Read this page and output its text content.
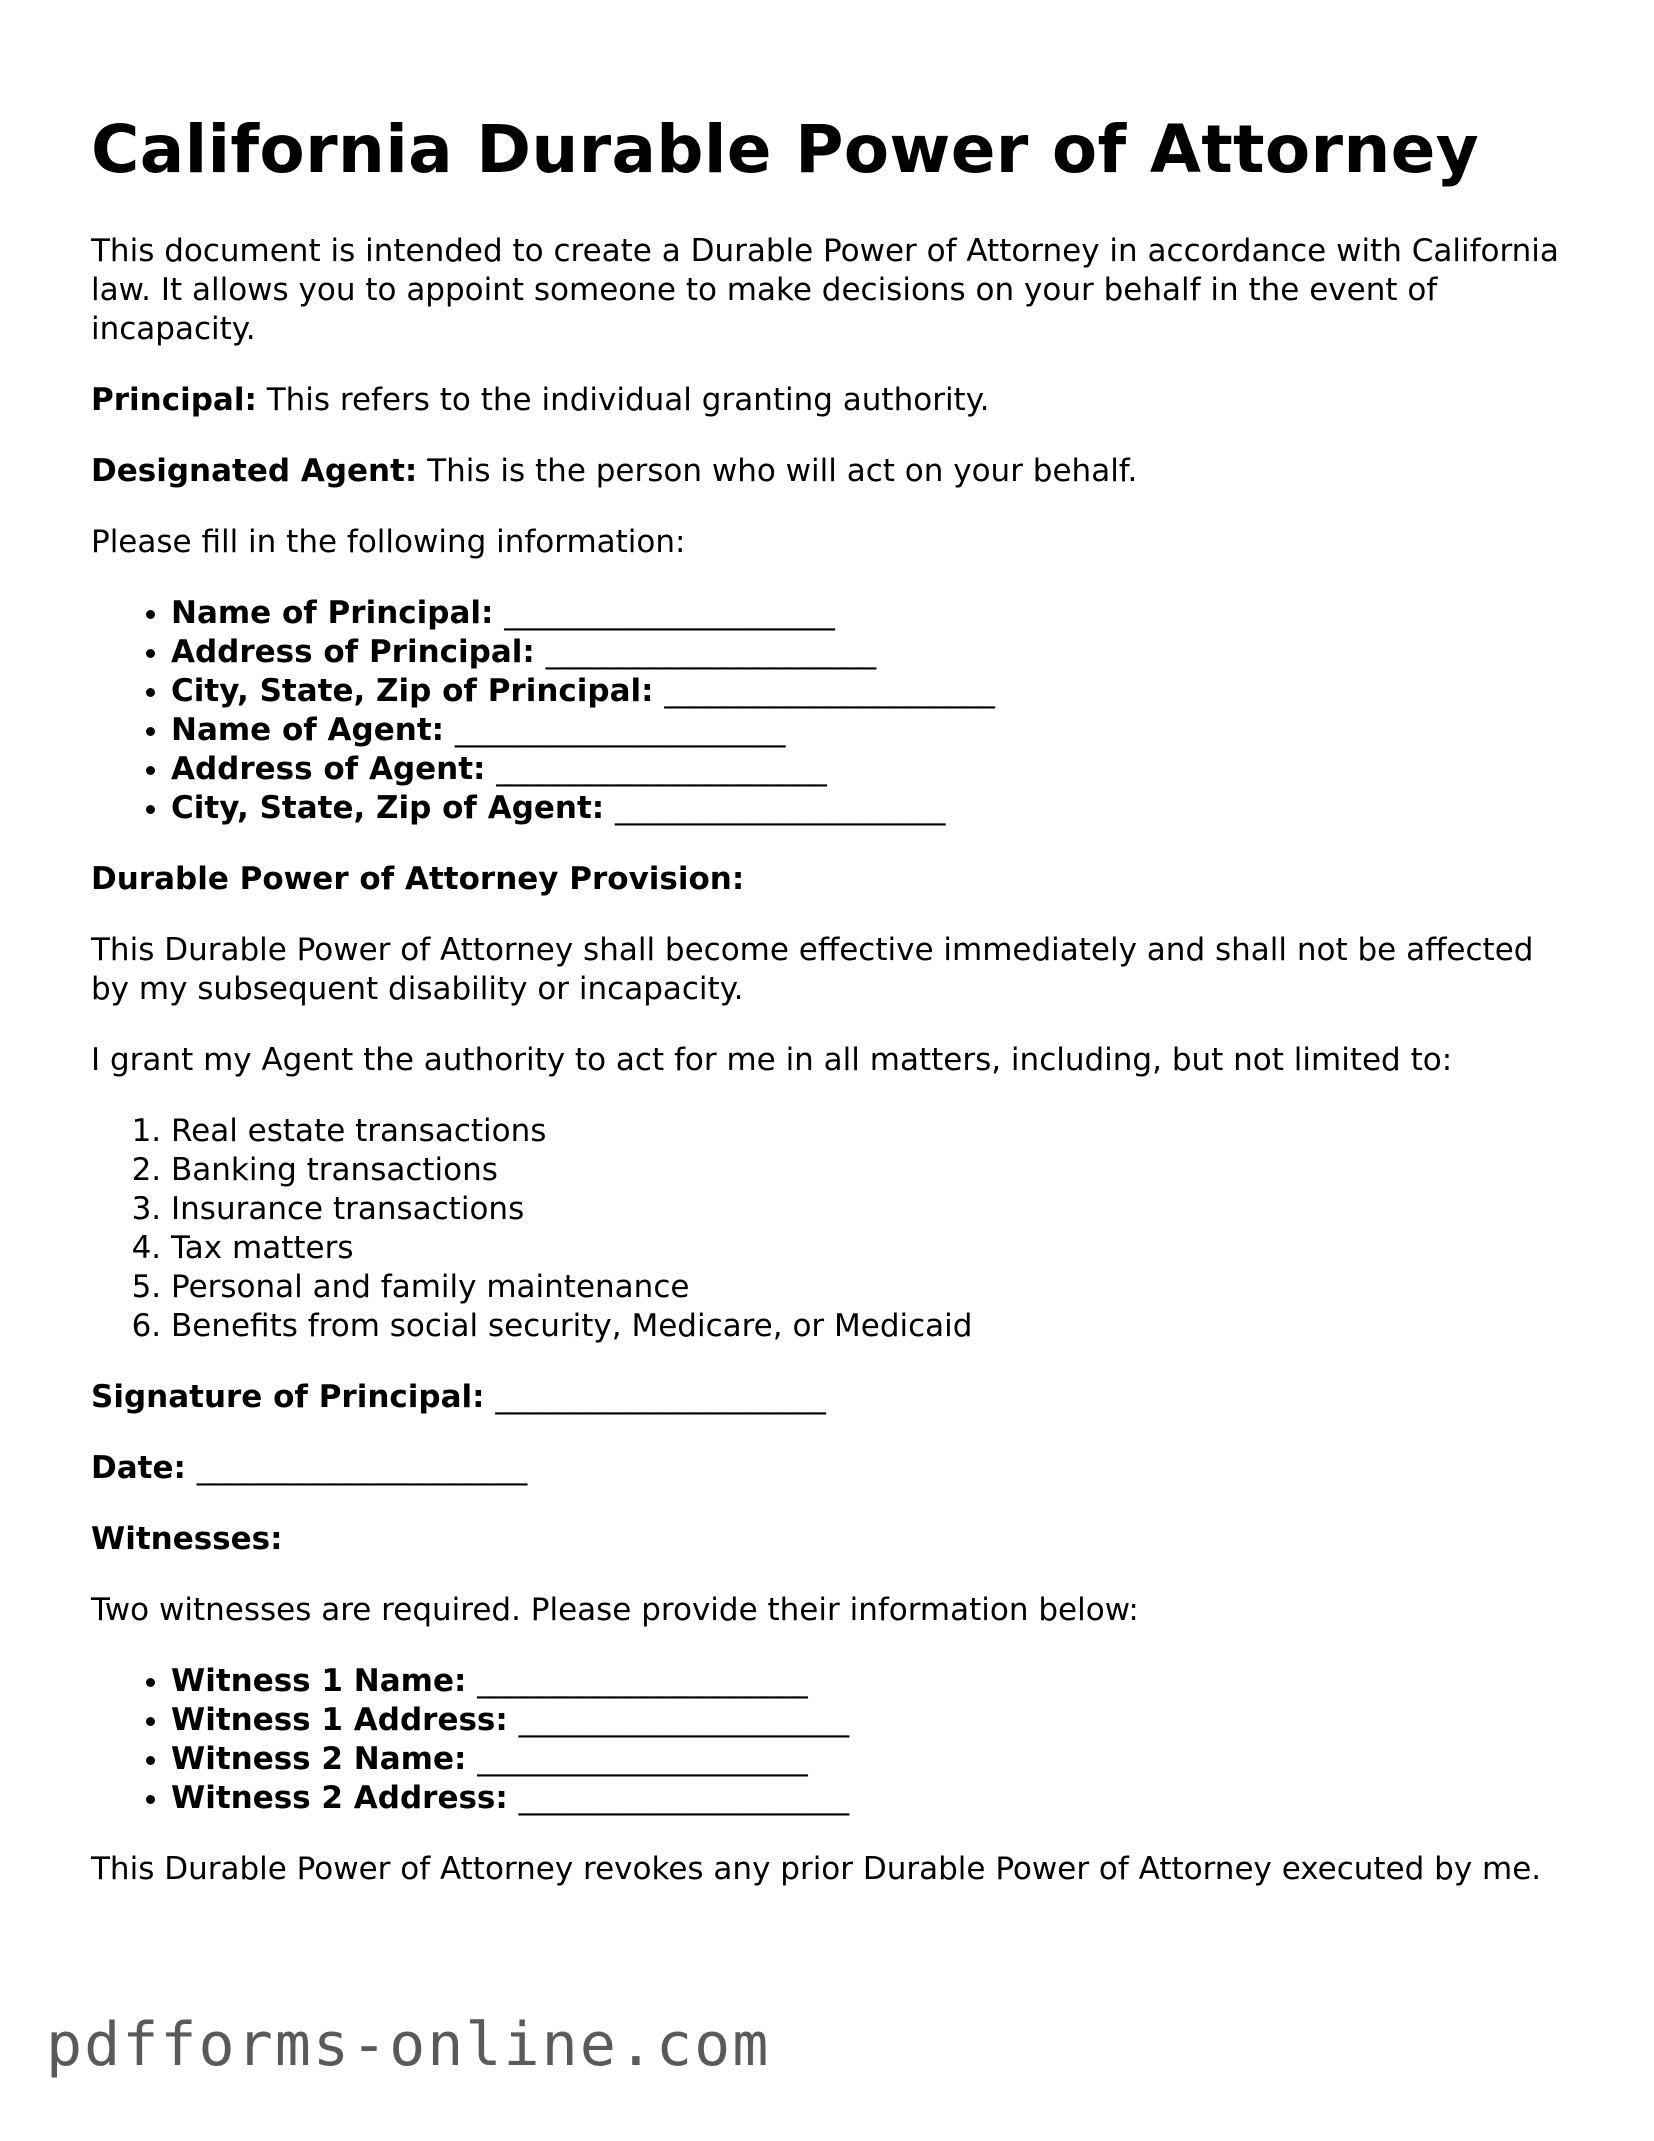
California Durable Power of Attorney

This document is intended to create a Durable Power of Attorney in accordance with California law. It allows you to appoint someone to make decisions on your behalf in the event of incapacity.

Principal: This refers to the individual granting authority.

Designated Agent: This is the person who will act on your behalf.

Please fill in the following information:

• Name of Principal: ______________________
• Address of Principal: ______________________
• City, State, Zip of Principal: ______________________
• Name of Agent: ______________________
• Address of Agent: ______________________
• City, State, Zip of Agent: ______________________

Durable Power of Attorney Provision:

This Durable Power of Attorney shall become effective immediately and shall not be affected by my subsequent disability or incapacity.

I grant my Agent the authority to act for me in all matters, including, but not limited to:

1. Real estate transactions
2. Banking transactions
3. Insurance transactions
4. Tax matters
5. Personal and family maintenance
6. Benefits from social security, Medicare, or Medicaid

Signature of Principal: ______________________

Date: ______________________

Witnesses:

Two witnesses are required. Please provide their information below:

• Witness 1 Name: ______________________
• Witness 1 Address: ______________________
• Witness 2 Name: ______________________
• Witness 2 Address: ______________________

This Durable Power of Attorney revokes any prior Durable Power of Attorney executed by me.

pdfforms-online.com
